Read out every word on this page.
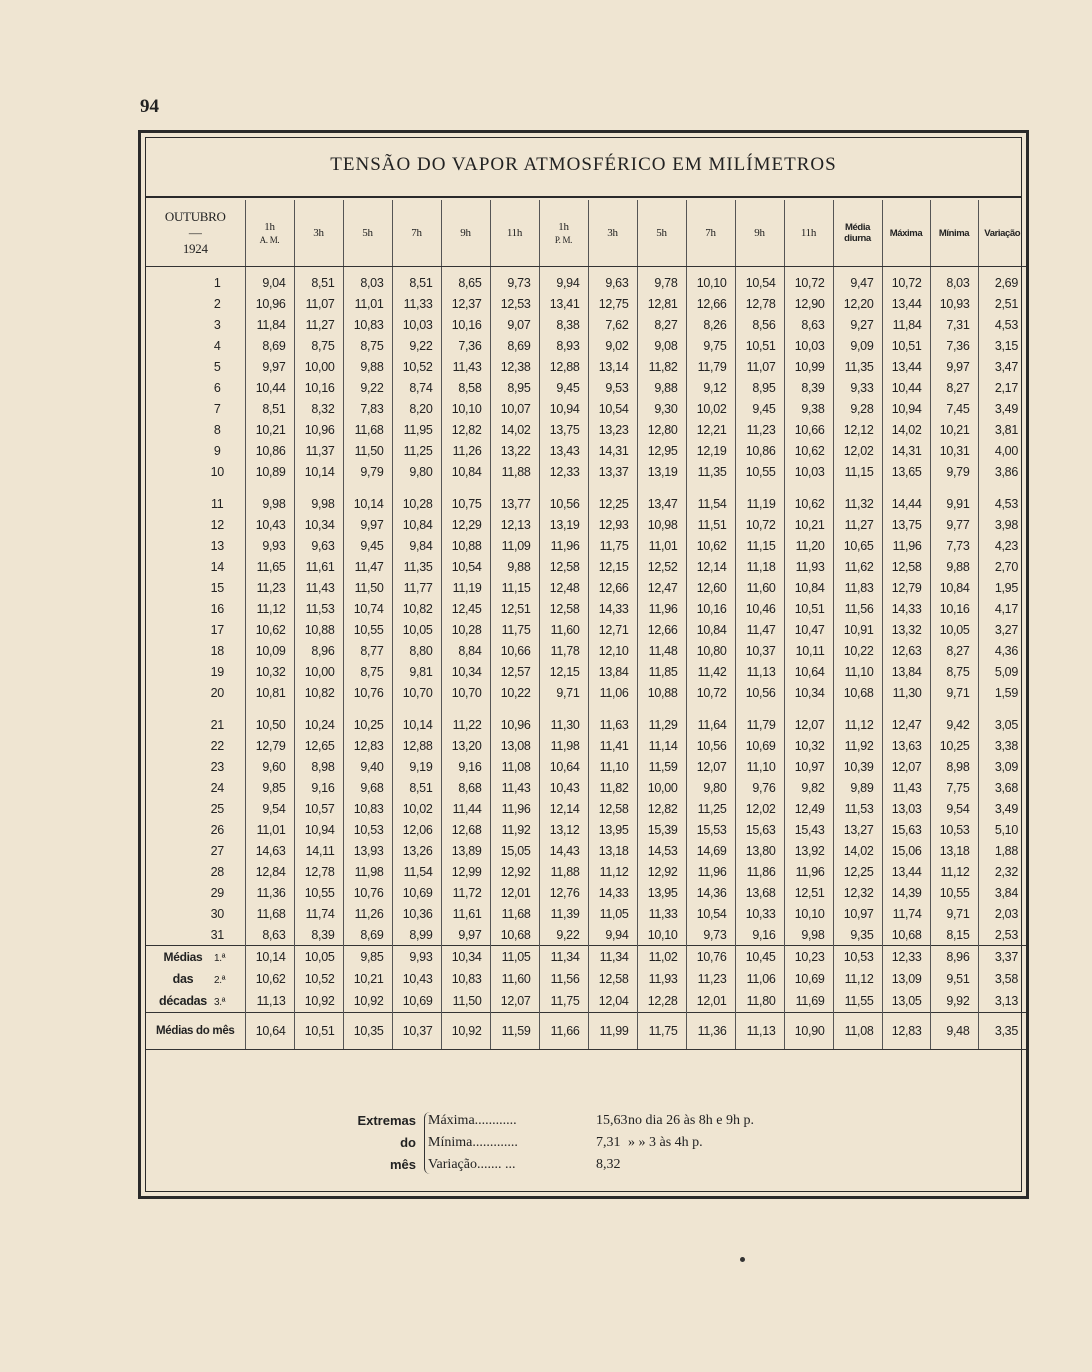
94
TENSÃO DO VAPOR ATMOSFÉRICO EM MILÍMETROS
OUTUBRO
—
1924	1h
A. M.	3h	5h	7h	9h	11h	1h
P. M.	3h	5h	7h	9h	11h	Média
diurna	Máxima	Mínima	Variação
1	9,04	8,51	8,03	8,51	8,65	9,73	9,94	9,63	9,78	10,10	10,54	10,72	9,47	10,72	8,03	2,69
2	10,96	11,07	11,01	11,33	12,37	12,53	13,41	12,75	12,81	12,66	12,78	12,90	12,20	13,44	10,93	2,51
3	11,84	11,27	10,83	10,03	10,16	9,07	8,38	7,62	8,27	8,26	8,56	8,63	9,27	11,84	7,31	4,53
4	8,69	8,75	8,75	9,22	7,36	8,69	8,93	9,02	9,08	9,75	10,51	10,03	9,09	10,51	7,36	3,15
5	9,97	10,00	9,88	10,52	11,43	12,38	12,88	13,14	11,82	11,79	11,07	10,99	11,35	13,44	9,97	3,47
6	10,44	10,16	9,22	8,74	8,58	8,95	9,45	9,53	9,88	9,12	8,95	8,39	9,33	10,44	8,27	2,17
7	8,51	8,32	7,83	8,20	10,10	10,07	10,94	10,54	9,30	10,02	9,45	9,38	9,28	10,94	7,45	3,49
8	10,21	10,96	11,68	11,95	12,82	14,02	13,75	13,23	12,80	12,21	11,23	10,66	12,12	14,02	10,21	3,81
9	10,86	11,37	11,50	11,25	11,26	13,22	13,43	14,31	12,95	12,19	10,86	10,62	12,02	14,31	10,31	4,00
10	10,89	10,14	9,79	9,80	10,84	11,88	12,33	13,37	13,19	11,35	10,55	10,03	11,15	13,65	9,79	3,86

11	9,98	9,98	10,14	10,28	10,75	13,77	10,56	12,25	13,47	11,54	11,19	10,62	11,32	14,44	9,91	4,53
12	10,43	10,34	9,97	10,84	12,29	12,13	13,19	12,93	10,98	11,51	10,72	10,21	11,27	13,75	9,77	3,98
13	9,93	9,63	9,45	9,84	10,88	11,09	11,96	11,75	11,01	10,62	11,15	11,20	10,65	11,96	7,73	4,23
14	11,65	11,61	11,47	11,35	10,54	9,88	12,58	12,15	12,52	12,14	11,18	11,93	11,62	12,58	9,88	2,70
15	11,23	11,43	11,50	11,77	11,19	11,15	12,48	12,66	12,47	12,60	11,60	10,84	11,83	12,79	10,84	1,95
16	11,12	11,53	10,74	10,82	12,45	12,51	12,58	14,33	11,96	10,16	10,46	10,51	11,56	14,33	10,16	4,17
17	10,62	10,88	10,55	10,05	10,28	11,75	11,60	12,71	12,66	10,84	11,47	10,47	10,91	13,32	10,05	3,27
18	10,09	8,96	8,77	8,80	8,84	10,66	11,78	12,10	11,48	10,80	10,37	10,11	10,22	12,63	8,27	4,36
19	10,32	10,00	8,75	9,81	10,34	12,57	12,15	13,84	11,85	11,42	11,13	10,64	11,10	13,84	8,75	5,09
20	10,81	10,82	10,76	10,70	10,70	10,22	9,71	11,06	10,88	10,72	10,56	10,34	10,68	11,30	9,71	1,59

21	10,50	10,24	10,25	10,14	11,22	10,96	11,30	11,63	11,29	11,64	11,79	12,07	11,12	12,47	9,42	3,05
22	12,79	12,65	12,83	12,88	13,20	13,08	11,98	11,41	11,14	10,56	10,69	10,32	11,92	13,63	10,25	3,38
23	9,60	8,98	9,40	9,19	9,16	11,08	10,64	11,10	11,59	12,07	11,10	10,97	10,39	12,07	8,98	3,09
24	9,85	9,16	9,68	8,51	8,68	11,43	10,43	11,82	10,00	9,80	9,76	9,82	9,89	11,43	7,75	3,68
25	9,54	10,57	10,83	10,02	11,44	11,96	12,14	12,58	12,82	11,25	12,02	12,49	11,53	13,03	9,54	3,49
26	11,01	10,94	10,53	12,06	12,68	11,92	13,12	13,95	15,39	15,53	15,63	15,43	13,27	15,63	10,53	5,10
27	14,63	14,11	13,93	13,26	13,89	15,05	14,43	13,18	14,53	14,69	13,80	13,92	14,02	15,06	13,18	1,88
28	12,84	12,78	11,98	11,54	12,99	12,92	11,88	11,12	12,92	11,96	11,86	11,96	12,25	13,44	11,12	2,32
29	11,36	10,55	10,76	10,69	11,72	12,01	12,76	14,33	13,95	14,36	13,68	12,51	12,32	14,39	10,55	3,84
30	11,68	11,74	11,26	10,36	11,61	11,68	11,39	11,05	11,33	10,54	10,33	10,10	10,97	11,74	9,71	2,03
31	8,63	8,39	8,69	8,99	9,97	10,68	9,22	9,94	10,10	9,73	9,16	9,98	9,35	10,68	8,15	2,53
Médias 1.ª	10,14	10,05	9,85	9,93	10,34	11,05	11,34	11,34	11,02	10,76	10,45	10,23	10,53	12,33	8,96	3,37
das 2.ª	10,62	10,52	10,21	10,43	10,83	11,60	11,56	12,58	11,93	11,23	11,06	10,69	11,12	13,09	9,51	3,58
décadas 3.ª	11,13	10,92	10,92	10,69	11,50	12,07	11,75	12,04	12,28	12,01	11,80	11,69	11,55	13,05	9,92	3,13
Médias do mês	10,64	10,51	10,35	10,37	10,92	11,59	11,66	11,99	11,75	11,36	11,13	10,90	11,08	12,83	9,48	3,35
Extremas Máxima............	15,63 no dia 26 às 8h e 9h p.
do Mínima.............	7,31 » » 3 às 4h p.
mês Variação....... ...	8,32
